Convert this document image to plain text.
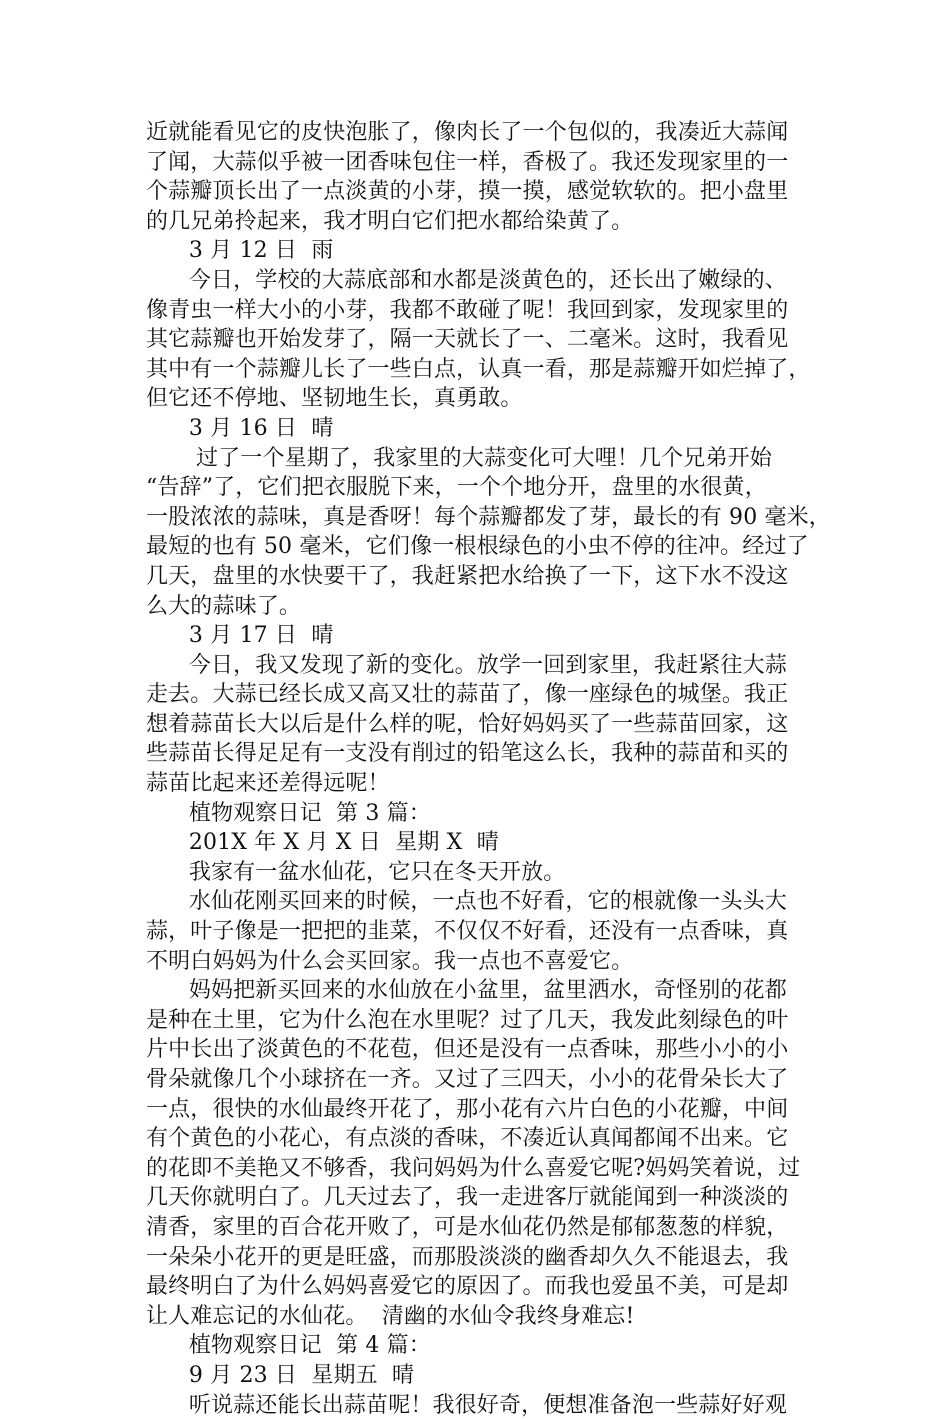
近就能看见它的皮快泡胀了，像肉长了一个包似的，我凑近大蒜闻
了闻，大蒜似乎被一团香味包住一样，香极了。我还发现家里的一
个蒜瓣顶长出了一点淡黄的小芽，摸一摸，感觉软软的。把小盘里
的几兄弟拎起来，我才明白它们把水都给染黄了。
3 月 12 日  雨
今日，学校的大蒜底部和水都是淡黄色的，还长出了嫩绿的、
像青虫一样大小的小芽，我都不敢碰了呢！我回到家，发现家里的
其它蒜瓣也开始发芽了，隔一天就长了一、二毫米。这时，我看见
其中有一个蒜瓣儿长了一些白点，认真一看，那是蒜瓣开如烂掉了，
但它还不停地、坚韧地生长，真勇敢。
3 月 16 日  晴
过了一个星期了，我家里的大蒜变化可大哩！几个兄弟开始
“告辞”了，它们把衣服脱下来，一个个地分开，盘里的水很黄，
一股浓浓的蒜味，真是香呀！每个蒜瓣都发了芽，最长的有 90 毫米，
最短的也有 50 毫米，它们像一根根绿色的小虫不停的往冲。经过了
几天，盘里的水快要干了，我赶紧把水给换了一下，这下水不没这
么大的蒜味了。
3 月 17 日  晴
今日，我又发现了新的变化。放学一回到家里，我赶紧往大蒜
走去。大蒜已经长成又高又壮的蒜苗了，像一座绿色的城堡。我正
想着蒜苗长大以后是什么样的呢，恰好妈妈买了一些蒜苗回家，这
些蒜苗长得足足有一支没有削过的铅笔这么长，我种的蒜苗和买的
蒜苗比起来还差得远呢！
植物观察日记  第 3 篇：
201X 年 X 月 X 日  星期 X  晴
我家有一盆水仙花，它只在冬天开放。
水仙花刚买回来的时候，一点也不好看，它的根就像一头头大
蒜，叶子像是一把把的韭菜，不仅仅不好看，还没有一点香味，真
不明白妈妈为什么会买回家。我一点也不喜爱它。
妈妈把新买回来的水仙放在小盆里，盆里洒水，奇怪别的花都
是种在土里，它为什么泡在水里呢？过了几天，我发此刻绿色的叶
片中长出了淡黄色的不花苞，但还是没有一点香味，那些小小的小
骨朵就像几个小球挤在一齐。又过了三四天，小小的花骨朵长大了
一点，很快的水仙最终开花了，那小花有六片白色的小花瓣，中间
有个黄色的小花心，有点淡的香味，不凑近认真闻都闻不出来。它
的花即不美艳又不够香，我问妈妈为什么喜爱它呢?妈妈笑着说，过
几天你就明白了。几天过去了，我一走进客厅就能闻到一种淡淡的
清香，家里的百合花开败了，可是水仙花仍然是郁郁葱葱的样貌，
一朵朵小花开的更是旺盛，而那股淡淡的幽香却久久不能退去，我
最终明白了为什么妈妈喜爱它的原因了。而我也爱虽不美，可是却
让人难忘记的水仙花。  清幽的水仙令我终身难忘!
植物观察日记  第 4 篇：
9 月 23 日  星期五  晴
听说蒜还能长出蒜苗呢！我很好奇，便想准备泡一些蒜好好观
